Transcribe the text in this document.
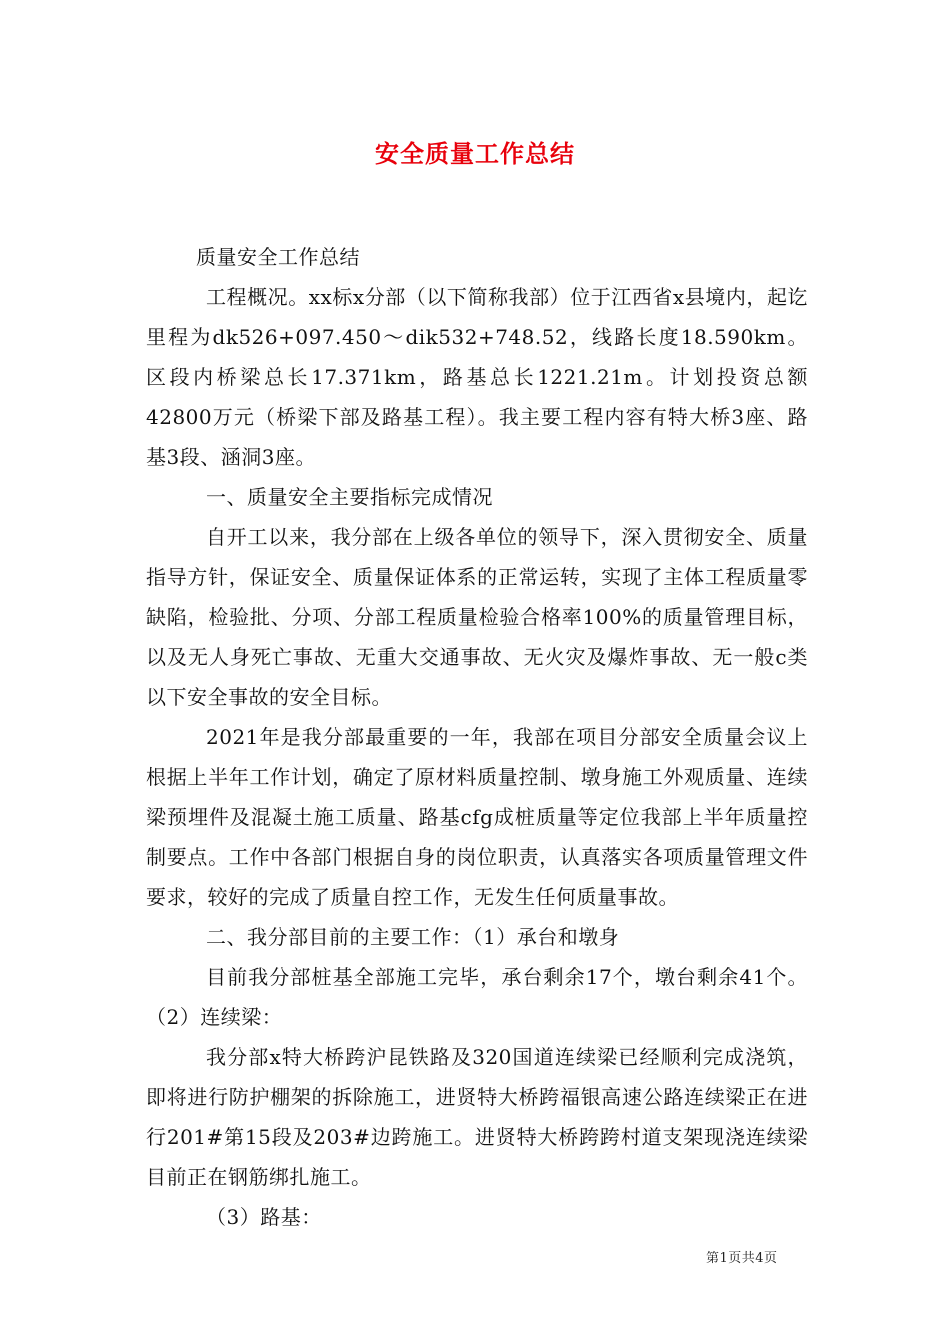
安全质量工作总结

质量安全工作总结

工程概况。xx标x分部（以下简称我部）位于江西省x县境内，起讫里程为dk526+097.450～dik532+748.52，线路长度18.590km。区段内桥梁总长17.371km，路基总长1221.21m。计划投资总额42800万元（桥梁下部及路基工程）。我主要工程内容有特大桥3座、路基3段、涵洞3座。

一、质量安全主要指标完成情况

自开工以来，我分部在上级各单位的领导下，深入贯彻安全、质量指导方针，保证安全、质量保证体系的正常运转，实现了主体工程质量零缺陷，检验批、分项、分部工程质量检验合格率100%的质量管理目标，以及无人身死亡事故、无重大交通事故、无火灾及爆炸事故、无一般c类以下安全事故的安全目标。

2021年是我分部最重要的一年，我部在项目分部安全质量会议上根据上半年工作计划，确定了原材料质量控制、墩身施工外观质量、连续梁预埋件及混凝土施工质量、路基cfg成桩质量等定位我部上半年质量控制要点。工作中各部门根据自身的岗位职责，认真落实各项质量管理文件要求，较好的完成了质量自控工作，无发生任何质量事故。

二、我分部目前的主要工作：（1）承台和墩身

目前我分部桩基全部施工完毕，承台剩余17个，墩台剩余41个。（2）连续梁：

我分部x特大桥跨沪昆铁路及320国道连续梁已经顺利完成浇筑，即将进行防护棚架的拆除施工，进贤特大桥跨福银高速公路连续梁正在进行201#第15段及203#边跨施工。进贤特大桥跨跨村道支架现浇连续梁目前正在钢筋绑扎施工。

（3）路基：

第1页共4页
